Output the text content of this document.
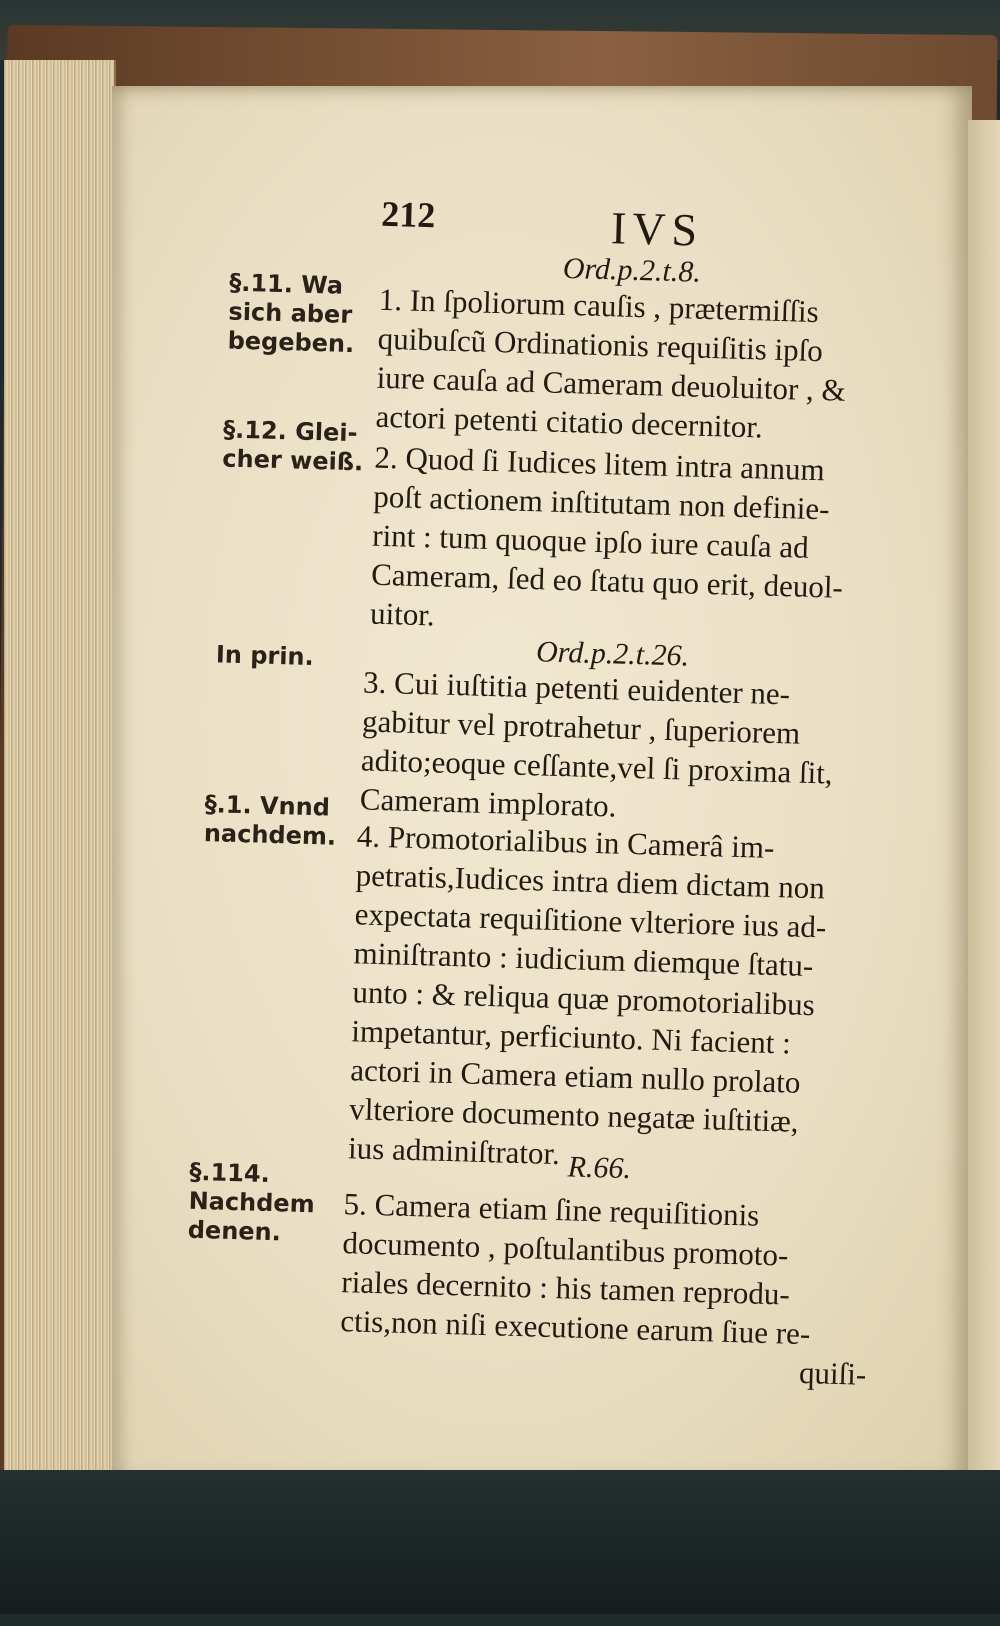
212	IVS
Ord.p.2.t.8.
Ord.p.2.t.26.
R.66.
§.11. Wa
sich aber
begeben.
§.12. Glei-
cher weiß.
In prin.
§.1. Vnnd
nachdem.
§.114.
Nachdem
denen.
1. In ſpoliorum cauſis , prætermiſſis
quibuſcũ Ordinationis requiſitis ipſo
iure cauſa ad Cameram deuoluitor , &
actori petenti citatio decernitor.
2. Quod ſi Iudices litem intra annum
poſt actionem inſtitutam non definie-
rint : tum quoque ipſo iure cauſa ad
Cameram, ſed eo ſtatu quo erit, deuol-
uitor.
3. Cui iuſtitia petenti euidenter ne-
gabitur vel protrahetur , ſuperiorem
adito;eoque ceſſante,vel ſi proxima ſit,
Cameram implorato.
4. Promotorialibus in Camerâ im-
petratis,Iudices intra diem dictam non
expectata requiſitione vlteriore ius ad-
miniſtranto : iudicium diemque ſtatu-
unto : & reliqua quæ promotorialibus
impetantur, perficiunto. Ni facient :
actori in Camera etiam nullo prolato
vlteriore documento negatæ iuſtitiæ,
ius adminiſtrator.
5. Camera etiam ſine requiſitionis
documento , poſtulantibus promoto-
riales decernito : his tamen reprodu-
ctis,non niſi executione earum ſiue re-
quiſi-
